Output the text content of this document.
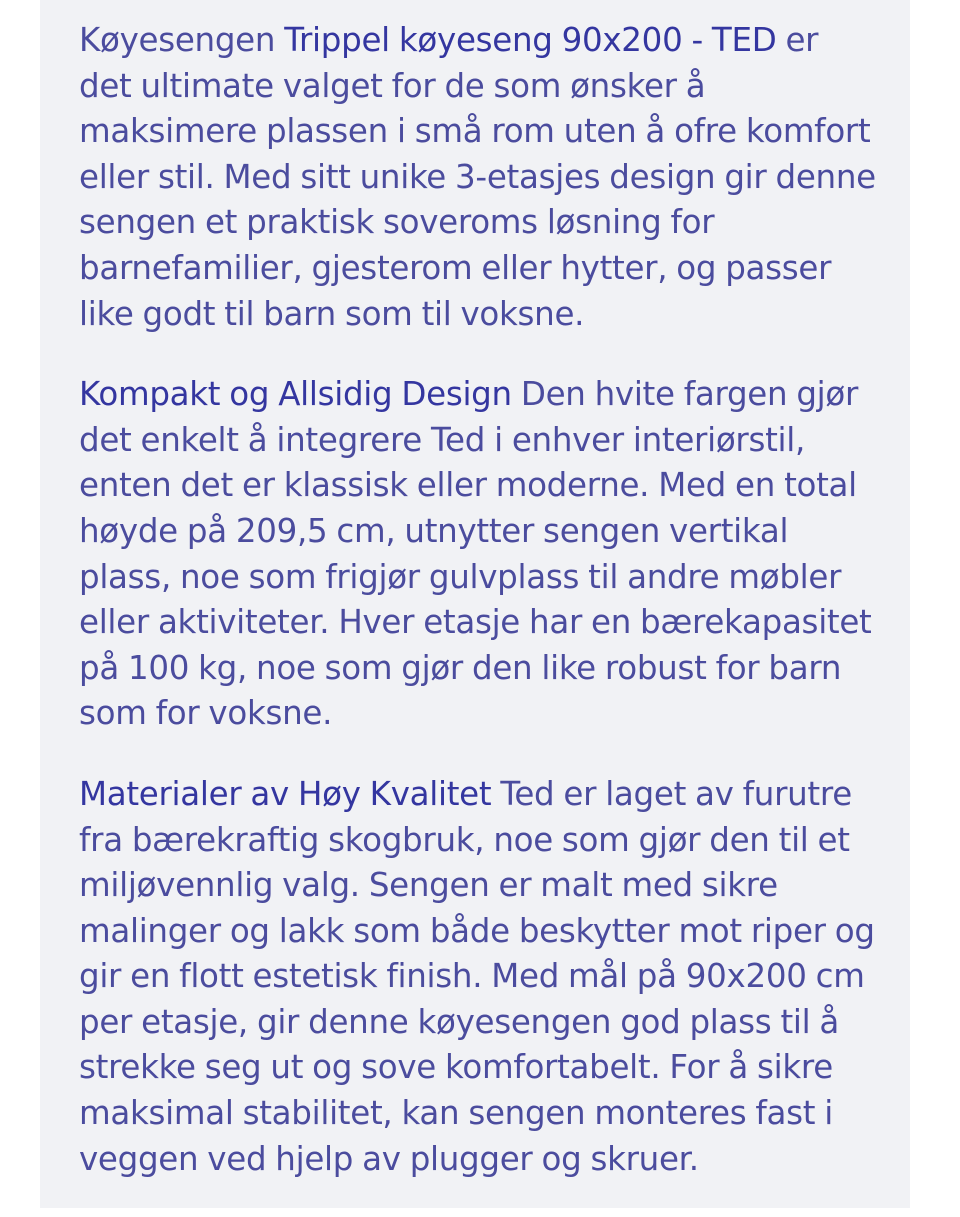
Køyesengen Trippel køyeseng 90x200 - TED er det ultimate valget for de som ønsker å maksimere plassen i små rom uten å ofre komfort eller stil. Med sitt unike 3-etasjes design gir denne sengen et praktisk soveroms løsning for barnefamilier, gjesterom eller hytter, og passer like godt til barn som til voksne.

Kompakt og Allsidig Design Den hvite fargen gjør det enkelt å integrere Ted i enhver interiørstil, enten det er klassisk eller moderne. Med en total høyde på 209,5 cm, utnytter sengen vertikal plass, noe som frigjør gulvplass til andre møbler eller aktiviteter. Hver etasje har en bærekapasitet på 100 kg, noe som gjør den like robust for barn som for voksne.

Materialer av Høy Kvalitet Ted er laget av furutre fra bærekraftig skogbruk, noe som gjør den til et miljøvennlig valg. Sengen er malt med sikre malinger og lakk som både beskytter mot riper og gir en flott estetisk finish. Med mål på 90x200 cm per etasje, gir denne køyesengen god plass til å strekke seg ut og sove komfortabelt. For å sikre maksimal stabilitet, kan sengen monteres fast i veggen ved hjelp av plugger og skruer.
